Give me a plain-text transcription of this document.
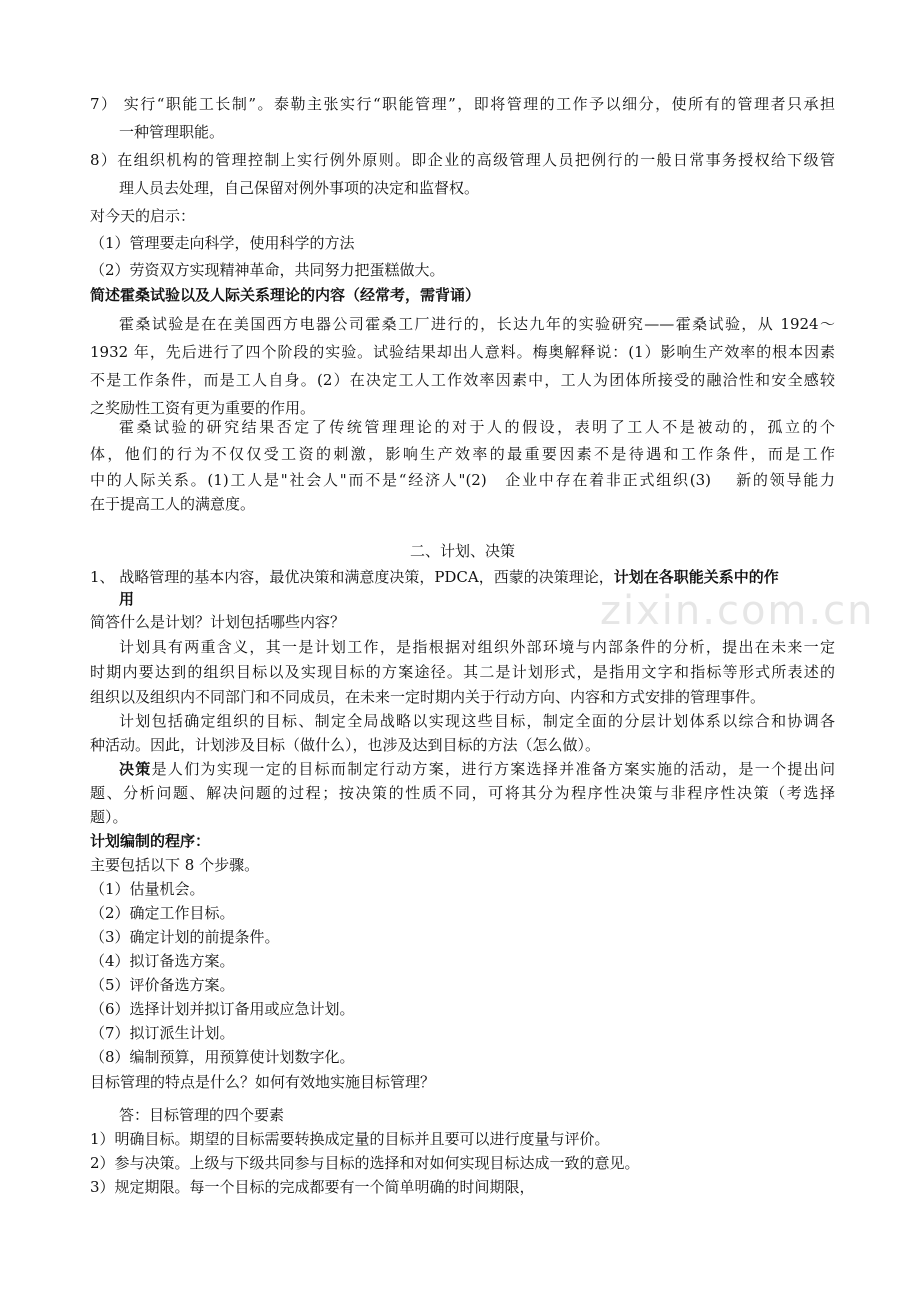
zixin.com.cn
7） 实行“职能工长制”。泰勒主张实行“职能管理”，即将管理的工作予以细分，使所有的管理者只承担
一种管理职能。
8）在组织机构的管理控制上实行例外原则。即企业的高级管理人员把例行的一般日常事务授权给下级管
理人员去处理，自己保留对例外事项的决定和监督权。
对今天的启示：
（1）管理要走向科学，使用科学的方法
（2）劳资双方实现精神革命，共同努力把蛋糕做大。
简述霍桑试验以及人际关系理论的内容（经常考，需背诵）
霍桑试验是在在美国西方电器公司霍桑工厂进行的，长达九年的实验研究——霍桑试验，从 1924～
1932 年，先后进行了四个阶段的实验。试验结果却出人意料。梅奥解释说：(1）影响生产效率的根本因素
不是工作条件，而是工人自身。(2）在决定工人工作效率因素中，工人为团体所接受的融洽性和安全感较
之奖励性工资有更为重要的作用。
霍桑试验的研究结果否定了传统管理理论的对于人的假设，表明了工人不是被动的，孤立的个
体，他们的行为不仅仅受工资的刺激，影响生产效率的最重要因素不是待遇和工作条件，而是工作
中的人际关系。(1)工人是"社会人"而不是“经济人"(2)　企业中存在着非正式组织(3)　 新的领导能力
在于提高工人的满意度。
二、计划、决策
1、 战略管理的基本内容，最优决策和满意度决策，PDCA，西蒙的决策理论，计划在各职能关系中的作
用
简答什么是计划？计划包括哪些内容？
计划具有两重含义，其一是计划工作，是指根据对组织外部环境与内部条件的分析，提出在未来一定
时期内要达到的组织目标以及实现目标的方案途径。其二是计划形式，是指用文字和指标等形式所表述的
组织以及组织内不同部门和不同成员，在未来一定时期内关于行动方向、内容和方式安排的管理事件。
计划包括确定组织的目标、制定全局战略以实现这些目标，制定全面的分层计划体系以综合和协调各
种活动。因此，计划涉及目标（做什么），也涉及达到目标的方法（怎么做）。
决策是人们为实现一定的目标而制定行动方案，进行方案选择并准备方案实施的活动，是一个提出问
题、分析问题、解决问题的过程；按决策的性质不同，可将其分为程序性决策与非程序性决策（考选择
题）。
计划编制的程序：
主要包括以下 8 个步骤。
（1）估量机会。
（2）确定工作目标。
（3）确定计划的前提条件。
（4）拟订备选方案。
（5）评价备选方案。
（6）选择计划并拟订备用或应急计划。
（7）拟订派生计划。
（8）编制预算，用预算使计划数字化。
目标管理的特点是什么？如何有效地实施目标管理？
答：目标管理的四个要素
1）明确目标。期望的目标需要转换成定量的目标并且要可以进行度量与评价。
2）参与决策。上级与下级共同参与目标的选择和对如何实现目标达成一致的意见。
3）规定期限。每一个目标的完成都要有一个简单明确的时间期限，
